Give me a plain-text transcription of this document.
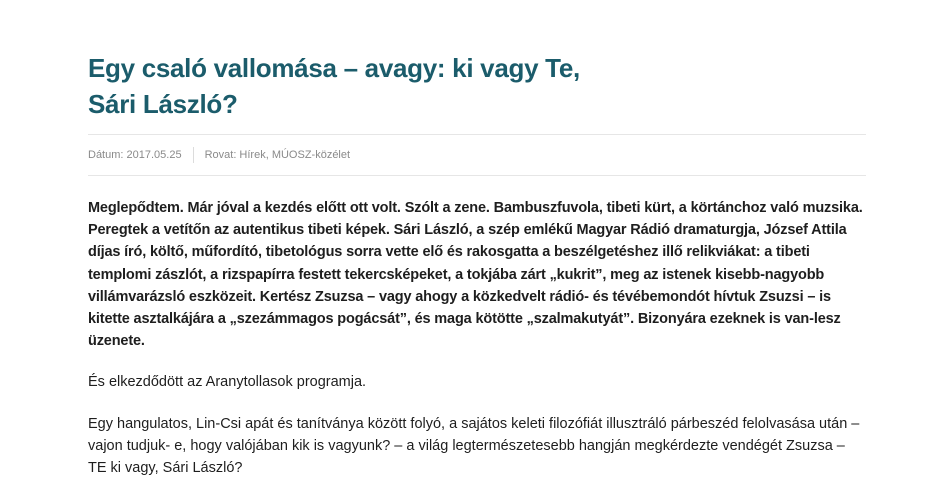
Egy csaló vallomása – avagy: ki vagy Te,
Sári László?
Dátum: 2017.05.25 Rovat: Hírek, MÚOSZ-közélet

Meglepődtem. Már jóval a kezdés előtt ott volt. Szólt a zene. Bambuszfuvola, tibeti kürt, a körtánchoz való muzsika. Peregtek a vetítőn az autentikus tibeti képek. Sári László, a szép emlékű Magyar Rádió dramaturgja, József Attila díjas író, költő, műfordító, tibetológus sorra vette elő és rakosgatta a beszélgetéshez illő relikviákat: a tibeti templomi zászlót, a rizspapírra festett tekercsképeket, a tokjába zárt „kukrit”, meg az istenek kisebb-nagyobb villámvarázsló eszközeit. Kertész Zsuzsa – vagy ahogy a közkedvelt rádió- és tévébemondót hívtuk Zsuzsi – is kitette asztalkájára a „szezámmagos pogácsát”, és maga kötötte „szalmakutyát”. Bizonyára ezeknek is van-lesz üzenete.

És elkezdődött az Aranytollasok programja.

Egy hangulatos, Lin-Csi apát és tanítványa között folyó, a sajátos keleti filozófiát illusztráló párbeszéd felolvasása után – vajon tudjuk- e, hogy valójában kik is vagyunk? – a világ legtermészetesebb hangján megkérdezte vendégét Zsuzsa – TE ki vagy, Sári László?
